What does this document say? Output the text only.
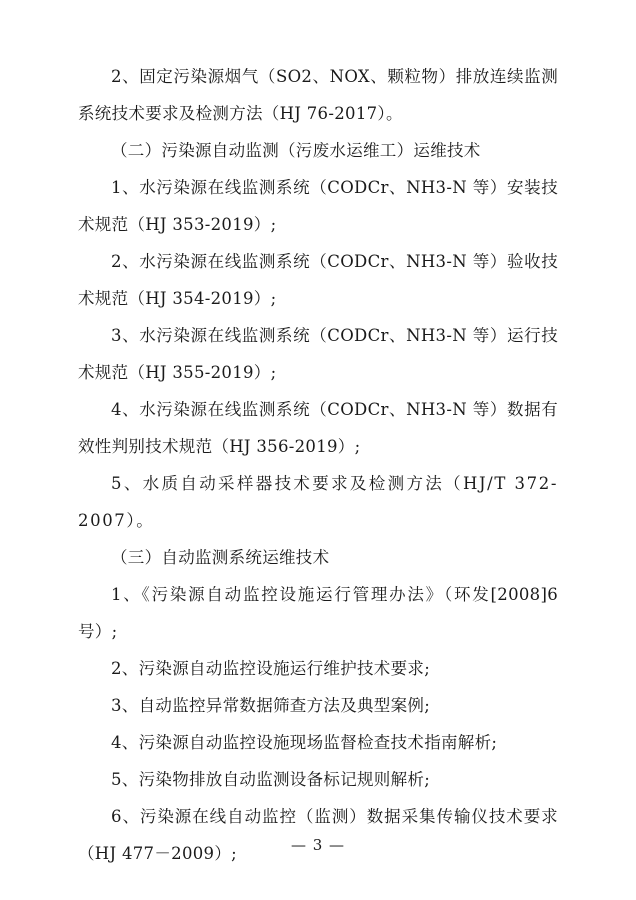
2、固定污染源烟气（SO2、NOX、颗粒物）排放连续监测系统技术要求及检测方法（HJ 76-2017）。

（二）污染源自动监测（污废水运维工）运维技术

1、水污染源在线监测系统（CODCr、NH3-N 等）安装技术规范（HJ 353-2019）;

2、水污染源在线监测系统（CODCr、NH3-N 等）验收技术规范（HJ 354-2019）;

3、水污染源在线监测系统（CODCr、NH3-N 等）运行技术规范（HJ 355-2019）;

4、水污染源在线监测系统（CODCr、NH3-N 等）数据有效性判别技术规范（HJ 356-2019）;

5、水质自动采样器技术要求及检测方法（HJ/T 372-2007）。

（三）自动监测系统运维技术

1、《污染源自动监控设施运行管理办法》（环发[2008]6号）;

2、污染源自动监控设施运行维护技术要求;

3、自动监控异常数据筛查方法及典型案例;

4、污染源自动监控设施现场监督检查技术指南解析;

5、污染物排放自动监测设备标记规则解析;

6、污染源在线自动监控（监测）数据采集传输仪技术要求（HJ 477－2009）;	— 3 —
